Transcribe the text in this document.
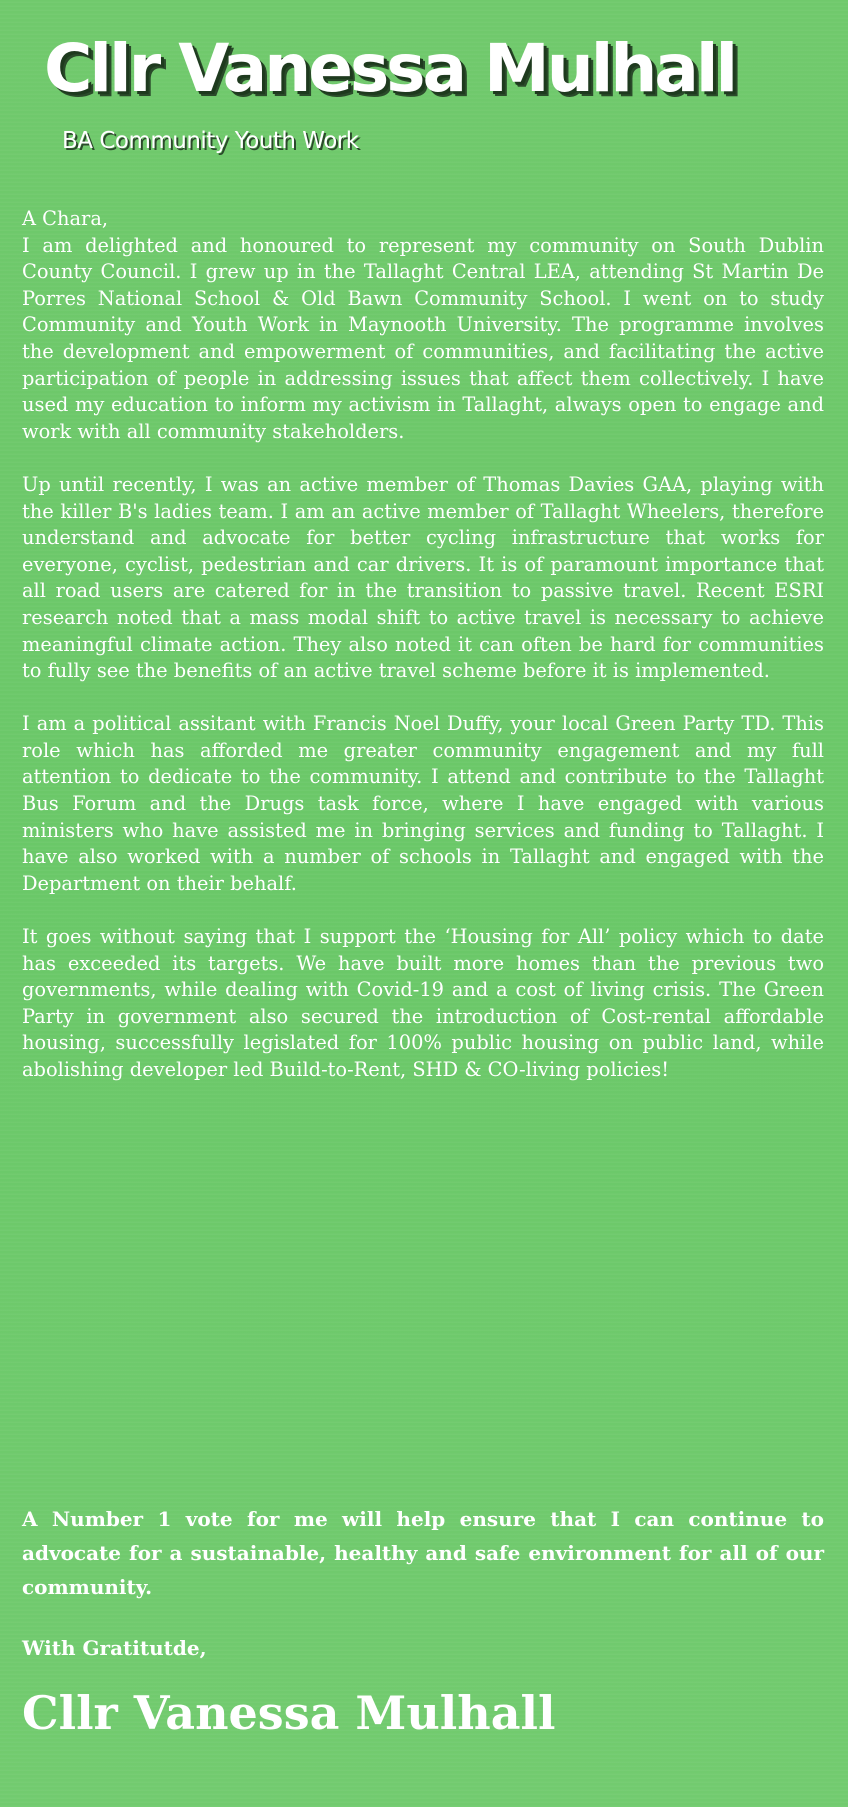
Cllr Vanessa Mulhall
BA Community Youth Work

A Chara,
I am delighted and honoured to represent my community on South Dublin County Council. I grew up in the Tallaght Central LEA, attending St Martin De Porres National School & Old Bawn Community School. I went on to study Community and Youth Work in Maynooth University. The programme involves the development and empowerment of communities, and facilitating the active participation of people in addressing issues that affect them collectively. I have used my education to inform my activism in Tallaght, always open to engage and work with all community stakeholders.

Up until recently, I was an active member of Thomas Davies GAA, playing with the killer B's ladies team. I am an active member of Tallaght Wheelers, therefore understand and advocate for better cycling infrastructure that works for everyone, cyclist, pedestrian and car drivers. It is of paramount importance that all road users are catered for in the transition to passive travel. Recent ESRI research noted that a mass modal shift to active travel is necessary to achieve meaningful climate action. They also noted it can often be hard for communities to fully see the benefits of an active travel scheme before it is implemented.

I am a political assitant with Francis Noel Duffy, your local Green Party TD. This role which has afforded me greater community engagement and my full attention to dedicate to the community. I attend and contribute to the Tallaght Bus Forum and the Drugs task force, where I have engaged with various ministers who have assisted me in bringing services and funding to Tallaght. I have also worked with a number of schools in Tallaght and engaged with the Department on their behalf.

It goes without saying that I support the ‘Housing for All’ policy which to date has exceeded its targets. We have built more homes than the previous two governments, while dealing with Covid-19 and a cost of living crisis. The Green Party in government also secured the introduction of Cost-rental affordable housing, successfully legislated for 100% public housing on public land, while abolishing developer led Build-to-Rent, SHD & CO-living policies!

A Number 1 vote for me will help ensure that I can continue to advocate for a sustainable, healthy and safe environment for all of our community.
With Gratitutde,
Cllr Vanessa Mulhall
